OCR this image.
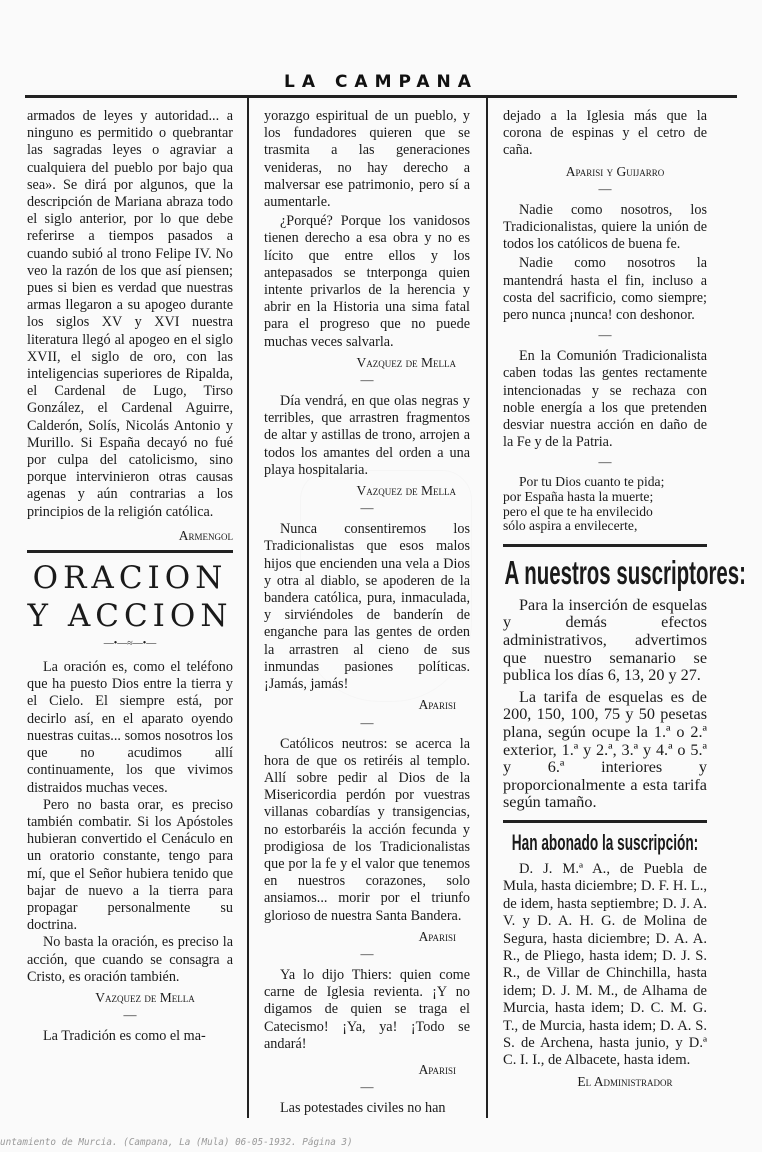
LA CAMPANA

armados de leyes y autoridad... a ninguno es permitido o quebrantar las sagradas leyes o agraviar a cualquiera del pueblo por bajo qua sea». Se dirá por algunos, que la descripción de Mariana abraza todo el siglo anterior, por lo que debe referirse a tiempos pasados a cuando subió al trono Felipe IV. No veo la razón de los que así piensen; pues si bien es verdad que nuestras armas llegaron a su apogeo durante los siglos XV y XVI nuestra literatura llegó al apogeo en el siglo XVII, el siglo de oro, con las inteligencias superiores de Ripalda, el Cardenal de Lugo, Tirso González, el Cardenal Aguirre, Calderón, Solís, Nicolás Antonio y Murillo. Si España decayó no fué por culpa del catolicismo, sino porque intervinieron otras causas agenas y aún contrarias a los principios de la religión católica.

Armengol
ORACION
Y ACCION
—•—≈—•—

La oración es, como el teléfono que ha puesto Dios entre la tierra y el Cielo. El siempre está, por decirlo así, en el aparato oyendo nuestras cuitas... somos nosotros los que no acudimos allí continuamente, los que vivimos distraidos muchas veces.

Pero no basta orar, es preciso también combatir. Si los Apóstoles hubieran convertido el Cenáculo en un oratorio constante, tengo para mí, que el Señor hubiera tenido que bajar de nuevo a la tierra para propagar personalmente su doctrina.

No basta la oración, es preciso la acción, que cuando se consagra a Cristo, es oración también.

Vazquez de Mella
—

La Tradición es como el ma-

yorazgo espiritual de un pueblo, y los fundadores quieren que se trasmita a las generaciones venideras, no hay derecho a malversar ese patrimonio, pero sí a aumentarle.

¿Porqué? Porque los vanidosos tienen derecho a esa obra y no es lícito que entre ellos y los antepasados se tnterponga quien intente privarlos de la herencia y abrir en la Historia una sima fatal para el progreso que no puede muchas veces salvarla.

Vazquez de Mella
—

Día vendrá, en que olas negras y terribles, que arrastren fragmentos de altar y astillas de trono, arrojen a todos los amantes del orden a una playa hospitalaria.

Vazquez de Mella
—

Nunca consentiremos los Tradicionalistas que esos malos hijos que encienden una vela a Dios y otra al diablo, se apoderen de la bandera católica, pura, inmaculada, y sirviéndoles de banderín de enganche para las gentes de orden la arrastren al cieno de sus inmundas pasiones políticas. ¡Jamás, jamás!

Aparisi
—

Católicos neutros: se acerca la hora de que os retiréis al templo. Allí sobre pedir al Dios de la Misericordia perdón por vuestras villanas cobardías y transigencias, no estorbaréis la acción fecunda y prodigiosa de los Tradicionalistas que por la fe y el valor que tenemos en nuestros corazones, solo ansiamos... morir por el triunfo glorioso de nuestra Santa Bandera.

Aparisi
—

Ya lo dijo Thiers: quien come carne de Iglesia revienta. ¡Y no digamos de quien se traga el Catecismo! ¡Ya, ya! ¡Todo se andará!

Aparisi
—

Las potestades civiles no han

dejado a la Iglesia más que la corona de espinas y el cetro de caña.

Aparisi y Guijarro
—

Nadie como nosotros, los Tradicionalistas, quiere la unión de todos los católicos de buena fe.

Nadie como nosotros la mantendrá hasta el fin, incluso a costa del sacrificio, como siempre; pero nunca ¡nunca! con deshonor.

—

En la Comunión Tradicionalista caben todas las gentes rectamente intencionadas y se rechaza con noble energía a los que pretenden desviar nuestra acción en daño de la Fe y de la Patria.

—

Por tu Dios cuanto te pida;

por España hasta la muerte;

pero el que te ha envilecido

sólo aspira a envilecerte,

A nuestros suscriptores:

Para la inserción de esquelas y demás efectos administrativos, advertimos que nuestro semanario se publica los días 6, 13, 20 y 27.

La tarifa de esquelas es de 200, 150, 100, 75 y 50 pesetas plana, según ocupe la 1.ª o 2.ª exterior, 1.ª y 2.ª, 3.ª y 4.ª o 5.ª y 6.ª interiores y proporcionalmente a esta tarifa según tamaño.

Han abonado la suscripción:

D. J. M.ª A., de Puebla de Mula, hasta diciembre; D. F. H. L., de idem, hasta septiembre; D. J. A. V. y D. A. H. G. de Molina de Segura, hasta diciembre; D. A. A. R., de Pliego, hasta idem; D. J. S. R., de Villar de Chinchilla, hasta idem; D. J. M. M., de Alhama de Murcia, hasta idem; D. C. M. G. T., de Murcia, hasta idem; D. A. S. S. de Archena, hasta junio, y D.ª C. I. I., de Albacete, hasta idem.

El Administrador
untamiento de Murcia. (Campana, La (Mula) 06-05-1932. Página 3)
